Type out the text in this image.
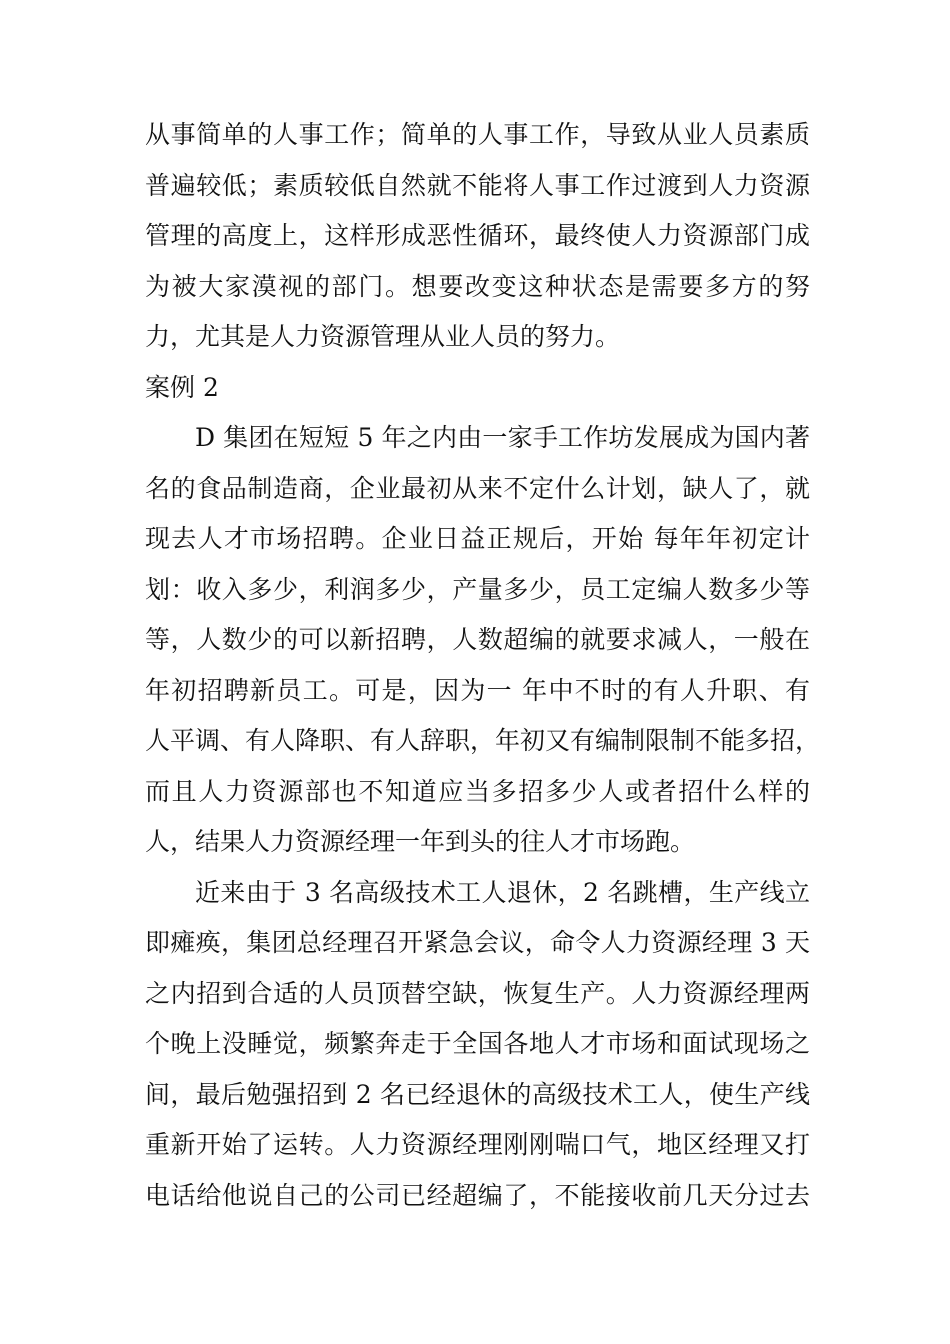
从事简单的人事工作；简单的人事工作，导致从业人员素质
普遍较低；素质较低自然就不能将人事工作过渡到人力资源
管理的高度上，这样形成恶性循环，最终使人力资源部门成
为被大家漠视的部门。想要改变这种状态是需要多方的努
力，尤其是人力资源管理从业人员的努力。
案例 2
D 集团在短短 5 年之内由一家手工作坊发展成为国内著
名的食品制造商，企业最初从来不定什么计划，缺人了，就
现去人才市场招聘。企业日益正规后，开始 每年年初定计
划：收入多少，利润多少，产量多少，员工定编人数多少等
等，人数少的可以新招聘，人数超编的就要求减人，一般在
年初招聘新员工。可是，因为一 年中不时的有人升职、有
人平调、有人降职、有人辞职，年初又有编制限制不能多招，
而且人力资源部也不知道应当多招多少人或者招什么样的
人，结果人力资源经理一年到头的往人才市场跑。
近来由于 3 名高级技术工人退休，2 名跳槽，生产线立
即瘫痪，集团总经理召开紧急会议，命令人力资源经理 3 天
之内招到合适的人员顶替空缺，恢复生产。人力资源经理两
个晚上没睡觉，频繁奔走于全国各地人才市场和面试现场之
间，最后勉强招到 2 名已经退休的高级技术工人，使生产线
重新开始了运转。人力资源经理刚刚喘口气，地区经理又打
电话给他说自己的公司已经超编了，不能接收前几天分过去
